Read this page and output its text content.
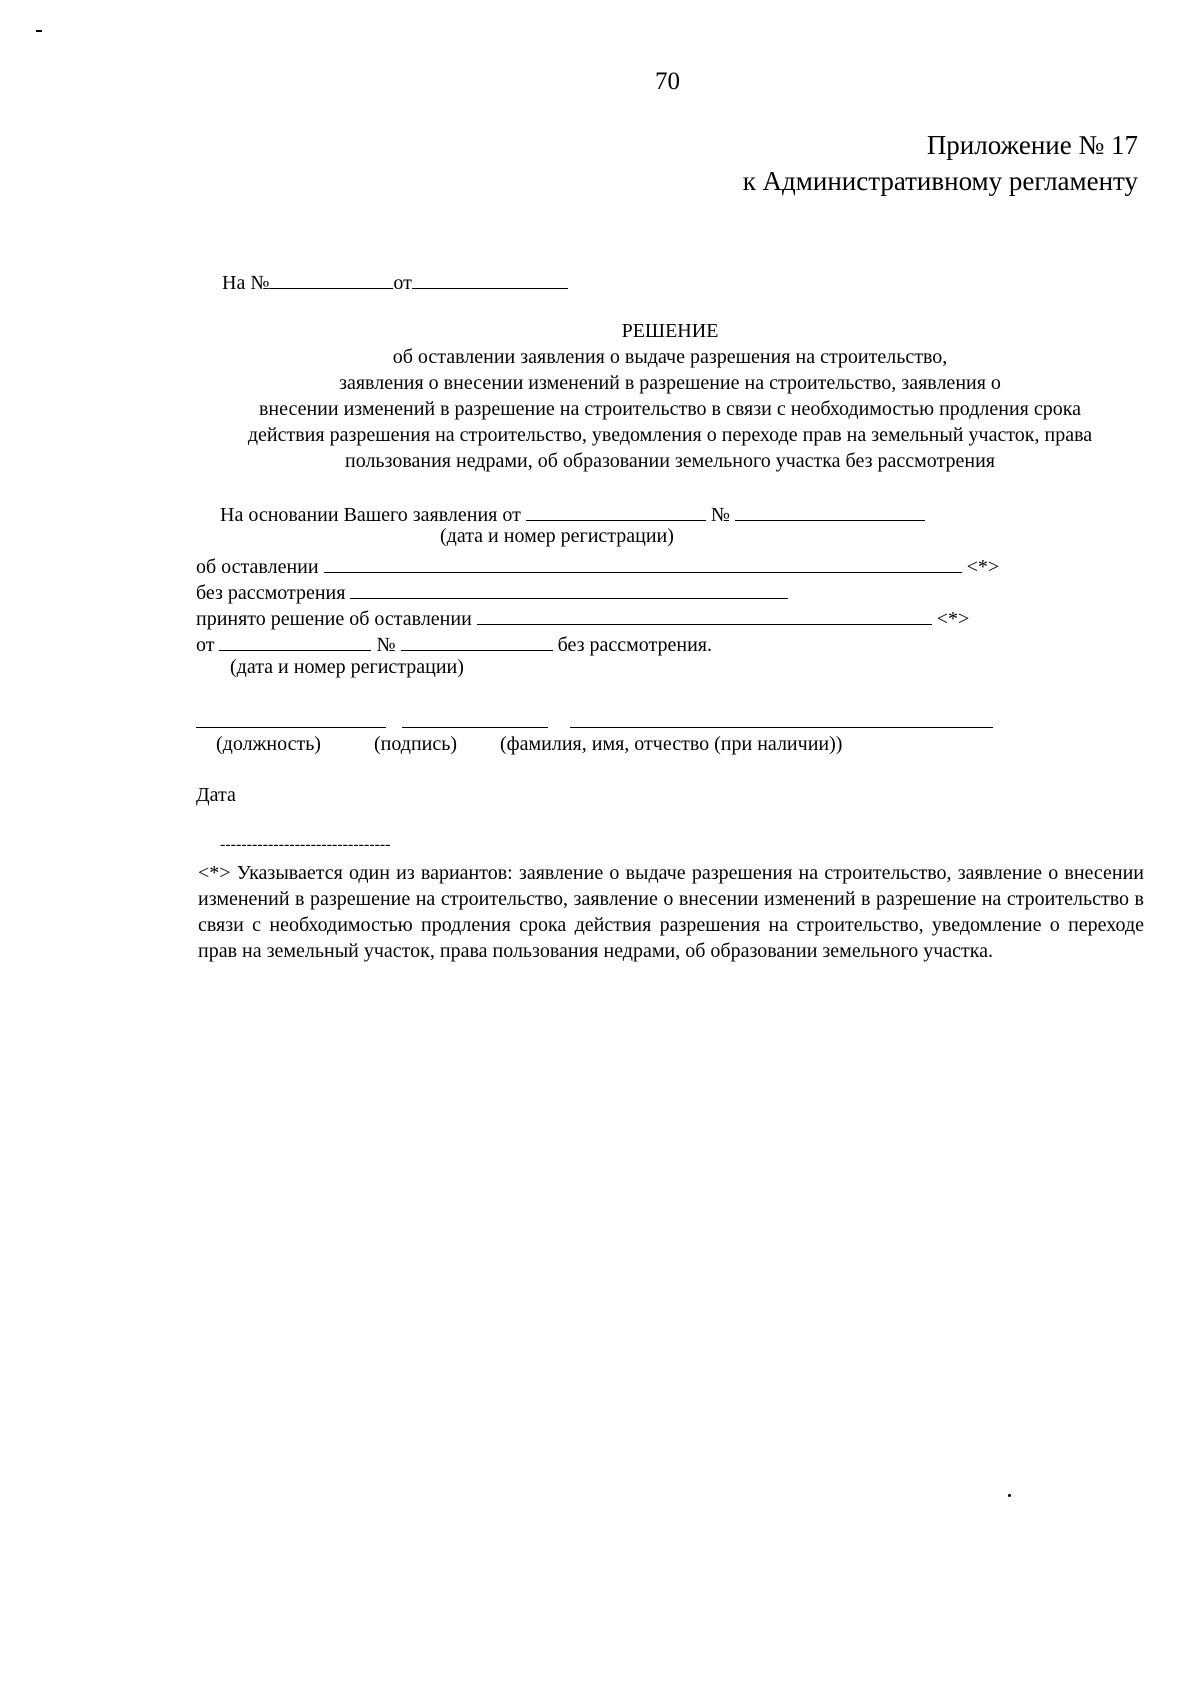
70
Приложение № 17
к Административному регламенту
На №	от
РЕШЕНИЕ
об оставлении заявления о выдаче разрешения на строительство,
заявления о внесении изменений в разрешение на строительство, заявления о
внесении изменений в разрешение на строительство в связи с необходимостью продления срока
действия разрешения на строительство, уведомления о переходе прав на земельный участок, права
пользования недрами, об образовании земельного участка без рассмотрения
На основании Вашего заявления от	№
(дата и номер регистрации)
об оставлении	<*>
без рассмотрения
принято решение об оставлении	<*>
от	№	без рассмотрения.
(дата и номер регистрации)
(должность)	(подпись) (фамилия, имя, отчество (при наличии))
Дата
--------------------------------
<*> Указывается один из вариантов: заявление о выдаче разрешения на строительство, заявление о внесении изменений в разрешение на строительство, заявление о внесении изменений в разрешение на строительство в связи с необходимостью продления срока действия разрешения на строительство, уведомление о переходе прав на земельный участок, права пользования недрами, об образовании земельного участка.
